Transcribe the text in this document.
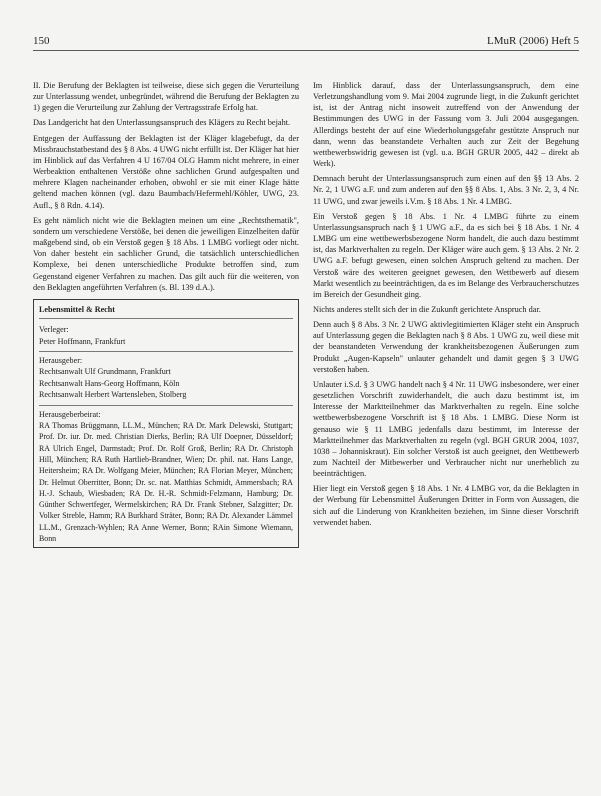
150	LMuR (2006) Heft 5

II. Die Berufung der Beklagten ist teilweise, diese sich gegen die Verurteilung zur Unterlassung wendet, unbegründet, während die Berufung der Beklagten zu 1) gegen die Verurteilung zur Zahlung der Vertragsstrafe Erfolg hat.

Das Landgericht hat den Unterlassungsanspruch des Klägers zu Recht bejaht.

Entgegen der Auffassung der Beklagten ist der Kläger klagebefugt, da der Missbrauchstatbestand des § 8 Abs. 4 UWG nicht erfüllt ist. Der Kläger hat hier im Hinblick auf das Verfahren 4 U 167/04 OLG Hamm nicht mehrere, in einer Werbeaktion enthaltenen Verstöße ohne sachlichen Grund aufgespalten und mehrere Klagen nacheinander erhoben, obwohl er sie mit einer Klage hätte geltend machen können (vgl. dazu Baumbach/Hefermehl/Köhler, UWG, 23. Aufl., § 8 Rdn. 4.14).

Es geht nämlich nicht wie die Beklagten meinen um eine „Rechtsthematik", sondern um verschiedene Verstöße, bei denen die jeweiligen Einzelheiten dafür maßgebend sind, ob ein Verstoß gegen § 18 Abs. 1 LMBG vorliegt oder nicht. Von daher besteht ein sachlicher Grund, die tatsächlich unterschiedlichen Komplexe, bei denen unterschiedliche Produkte betroffen sind, zum Gegenstand eigener Verfahren zu machen. Das gilt auch für die weiteren, von den Beklagten angeführten Verfahren (s. Bl. 139 d.A.).

Lebensmittel & Recht
Verleger:
Peter Hoffmann, Frankfurt
Herausgeber:
Rechtsanwalt Ulf Grundmann, Frankfurt
Rechtsanwalt Hans-Georg Hoffmann, Köln
Rechtsanwalt Herbert Wartensleben, Stolberg
Herausgeberbeirat:
RA Thomas Brüggmann, LL.M., München; RA Dr. Mark Delewski, Stuttgart; Prof. Dr. iur. Dr. med. Christian Dierks, Berlin; RA Ulf Doepner, Düsseldorf; RA Ulrich Engel, Darmstadt; Prof. Dr. Rolf Groß, Berlin; RA Dr. Christoph Hill, München; RA Ruth Hartlieb-Brandner, Wien; Dr. phil. nat. Hans Lange, Heitersheim; RA Dr. Wolfgang Meier, München; RA Florian Meyer, München; Dr. Helmut Oberritter, Bonn; Dr. sc. nat. Matthias Schmidt, Ammersbach; RA H.-J. Schaub, Wiesbaden; RA Dr. H.-R. Schmidt-Felzmann, Hamburg; Dr. Günther Schwertfeger, Wermelskirchen; RA Dr. Frank Stebner, Salzgitter; Dr. Volker Streble, Hamm; RA Burkhard Sträter, Bonn; RA Dr. Alexander Lämmel LL.M., Grenzach-Wyhlen; RA Anne Werner, Bonn; RAin Simone Wiemann, Bonn

Im Hinblick darauf, dass der Unterlassungsanspruch, dem eine Verletzungshandlung vom 9. Mai 2004 zugrunde liegt, in die Zukunft gerichtet ist, ist der Antrag nicht insoweit zutreffend von der Anwendung der Bestimmungen des UWG in der Fassung vom 3. Juli 2004 ausgegangen. Allerdings besteht der auf eine Wiederholungsgefahr gestützte Anspruch nur dann, wenn das beanstandete Verhalten auch zur Zeit der Begehung wettbewerbswidrig gewesen ist (vgl. u.a. BGH GRUR 2005, 442 – direkt ab Werk).

Demnach beruht der Unterlassungsanspruch zum einen auf den §§ 13 Abs. 2 Nr. 2, 1 UWG a.F. und zum anderen auf den §§ 8 Abs. 1, Abs. 3 Nr. 2, 3, 4 Nr. 11 UWG, und zwar jeweils i.V.m. § 18 Abs. 1 Nr. 4 LMBG.

Ein Verstoß gegen § 18 Abs. 1 Nr. 4 LMBG führte zu einem Unterlassungsanspruch nach § 1 UWG a.F., da es sich bei § 18 Abs. 1 Nr. 4 LMBG um eine wettbewerbsbezogene Norm handelt, die auch dazu bestimmt ist, das Marktverhalten zu regeln. Der Kläger wäre auch gem. § 13 Abs. 2 Nr. 2 UWG a.F. befugt gewesen, einen solchen Anspruch geltend zu machen. Der Verstoß wäre des weiteren geeignet gewesen, den Wettbewerb auf diesem Markt wesentlich zu beeinträchtigen, da es im Belange des Verbraucherschutzes im Bereich der Gesundheit ging.

Nichts anderes stellt sich der in die Zukunft gerichtete Anspruch dar.

Denn auch § 8 Abs. 3 Nr. 2 UWG aktivlegitimierten Kläger steht ein Anspruch auf Unterlassung gegen die Beklagten nach § 8 Abs. 1 UWG zu, weil diese mit der beanstandeten Verwendung der krankheitsbezogenen Äußerungen zum Produkt „Augen-Kapseln" unlauter gehandelt und damit gegen § 3 UWG verstoßen haben.

Unlauter i.S.d. § 3 UWG handelt nach § 4 Nr. 11 UWG insbesondere, wer einer gesetzlichen Vorschrift zuwiderhandelt, die auch dazu bestimmt ist, im Interesse der Marktteilnehmer das Marktverhalten zu regeln. Eine solche wettbewerbsbezogene Vorschrift ist § 18 Abs. 1 LMBG. Diese Norm ist genauso wie § 11 LMBG jedenfalls dazu bestimmt, im Interesse der Marktteilnehmer das Marktverhalten zu regeln (vgl. BGH GRUR 2004, 1037, 1038 – Johanniskraut). Ein solcher Verstoß ist auch geeignet, den Wettbewerb zum Nachteil der Mitbewerber und Verbraucher nicht nur unerheblich zu beeinträchtigen.

Hier liegt ein Verstoß gegen § 18 Abs. 1 Nr. 4 LMBG vor, da die Beklagten in der Werbung für Lebensmittel Äußerungen Dritter in Form von Aussagen, die sich auf die Linderung von Krankheiten beziehen, im Sinne dieser Vorschrift verwendet haben.
